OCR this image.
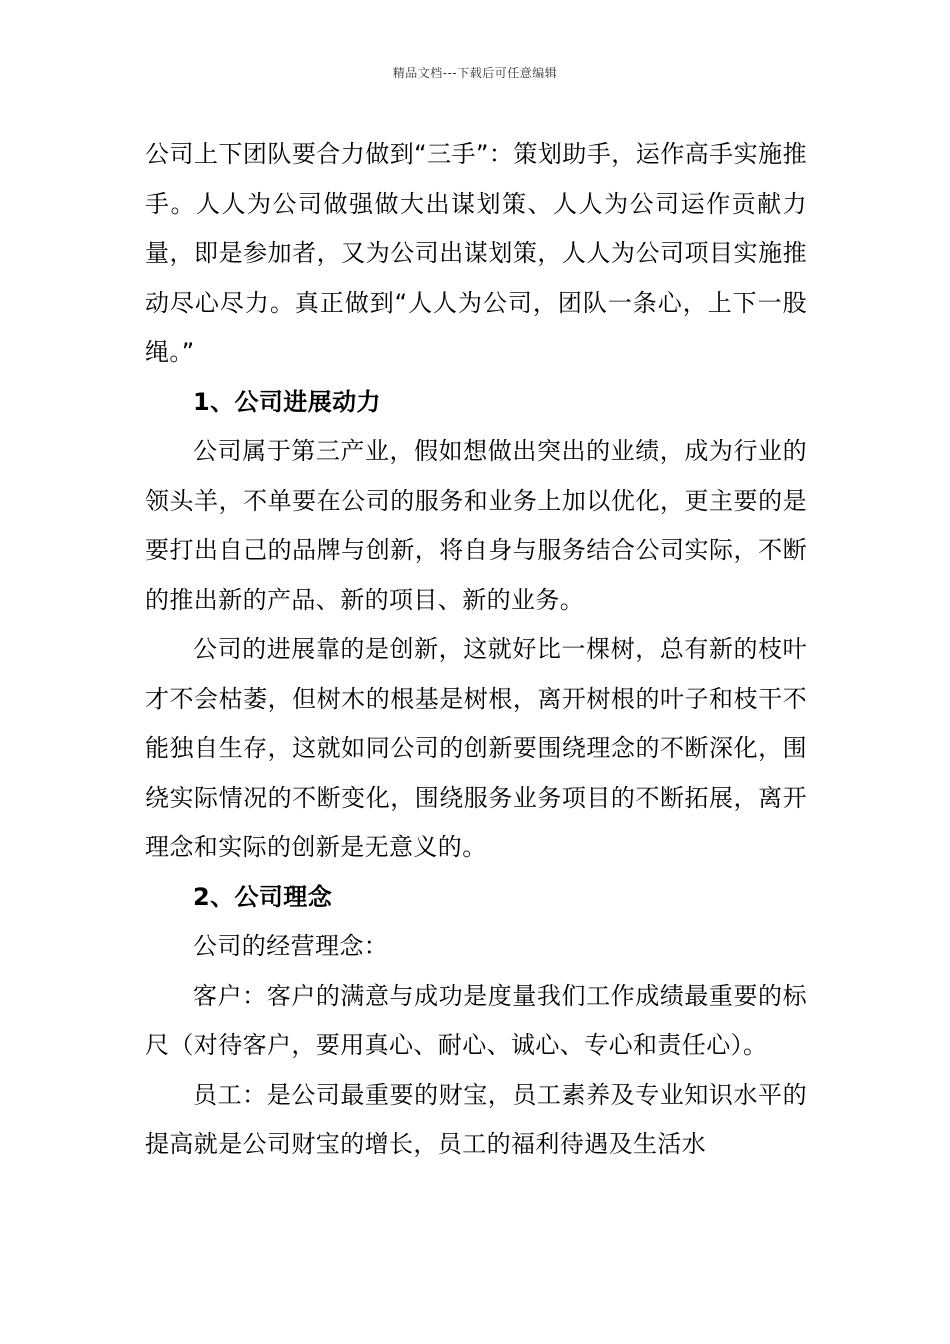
精品文档---下载后可任意编辑

公司上下团队要合力做到“三手”：策划助手，运作高手实施推手。人人为公司做强做大出谋划策、人人为公司运作贡献力量，即是参加者，又为公司出谋划策，人人为公司项目实施推动尽心尽力。真正做到“人人为公司，团队一条心，上下一股绳。”

1、公司进展动力

公司属于第三产业，假如想做出突出的业绩，成为行业的领头羊，不单要在公司的服务和业务上加以优化，更主要的是要打出自己的品牌与创新，将自身与服务结合公司实际，不断的推出新的产品、新的项目、新的业务。

公司的进展靠的是创新，这就好比一棵树，总有新的枝叶才不会枯萎，但树木的根基是树根，离开树根的叶子和枝干不能独自生存，这就如同公司的创新要围绕理念的不断深化，围绕实际情况的不断变化，围绕服务业务项目的不断拓展，离开理念和实际的创新是无意义的。

2、公司理念

公司的经营理念：

客户：客户的满意与成功是度量我们工作成绩最重要的标尺（对待客户，要用真心、耐心、诚心、专心和责任心）。

员工：是公司最重要的财宝，员工素养及专业知识水平的提高就是公司财宝的增长，员工的福利待遇及生活水
